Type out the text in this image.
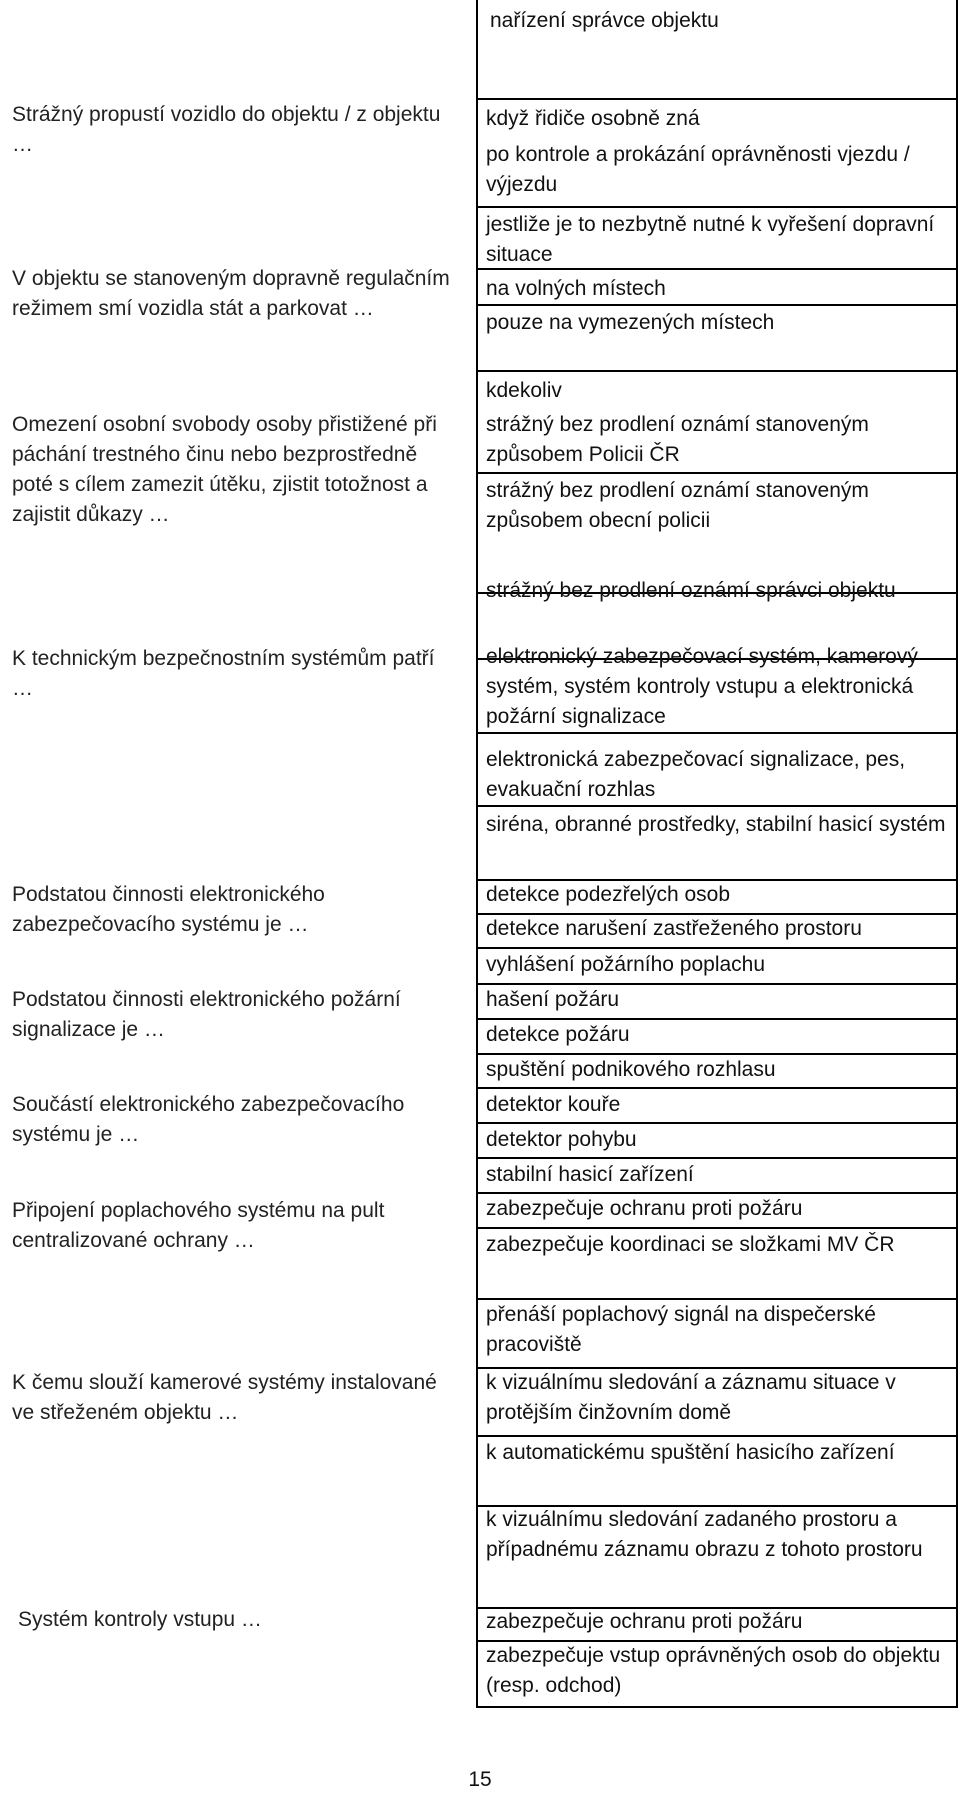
nařízení správce objektu
Strážný propustí vozidlo do objektu / z objektu …
V objektu se stanoveným dopravně regulačním režimem smí vozidla stát a parkovat …
Omezení osobní svobody osoby přistižené při páchání trestného činu nebo bezprostředně poté s cílem zamezit útěku, zjistit totožnost a zajistit důkazy …
K technickým bezpečnostním systémům patří …
Podstatou činnosti elektronického zabezpečovacího systému je …
Podstatou činnosti elektronického požární signalizace je …
Součástí elektronického zabezpečovacího systému je …
Připojení poplachového systému na pult centralizované ochrany …
K čemu slouží kamerové systémy instalované ve střeženém objektu …
Systém kontroly vstupu …
když řidiče osobně zná
po kontrole a prokázání oprávněnosti vjezdu / výjezdu
jestliže je to nezbytně nutné k vyřešení dopravní situace
na volných místech
pouze na vymezených místech
kdekoliv
strážný bez prodlení oznámí stanoveným způsobem Policii ČR
strážný bez prodlení oznámí stanoveným způsobem obecní policii
strážný bez prodlení oznámí správci objektu
elektronický zabezpečovací systém, kamerový systém, systém kontroly vstupu a elektronická požární signalizace
elektronická zabezpečovací signalizace, pes, evakuační rozhlas
siréna, obranné prostředky, stabilní hasicí systém
detekce podezřelých osob
detekce narušení zastřeženého prostoru
vyhlášení požárního poplachu
hašení požáru
detekce požáru
spuštění podnikového rozhlasu
detektor kouře
detektor pohybu
stabilní hasicí zařízení
zabezpečuje ochranu proti požáru
zabezpečuje koordinaci se složkami MV ČR
přenáší poplachový signál na dispečerské pracoviště
k vizuálnímu sledování a záznamu situace v protějším činžovním domě
k automatickému spuštění hasicího zařízení
k vizuálnímu sledování zadaného prostoru a případnému záznamu obrazu z tohoto prostoru
zabezpečuje ochranu proti požáru
zabezpečuje vstup oprávněných osob do objektu (resp. odchod)
15
